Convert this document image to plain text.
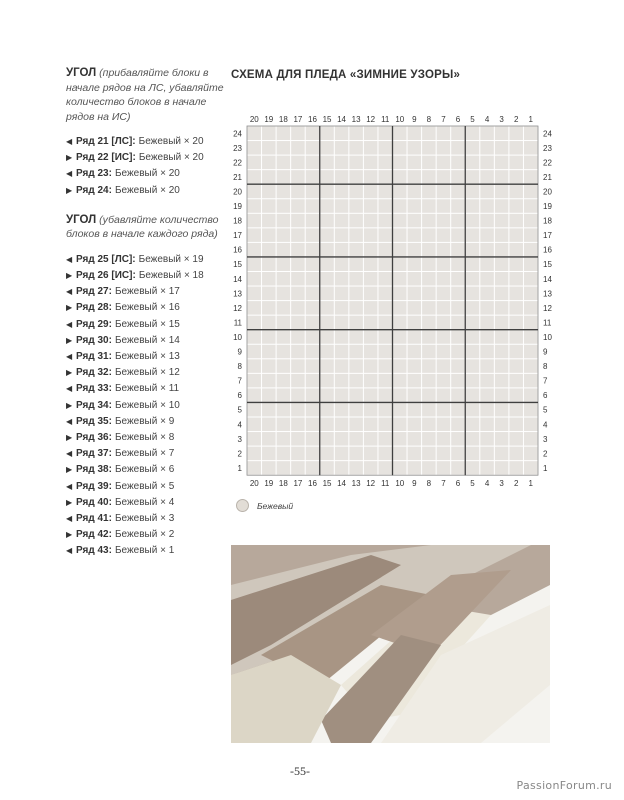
УГОЛ (прибавляйте блоки в начале рядов на ЛС, убавляйте количество блоков в начале рядов на ИС)
◀ Ряд 21 [ЛС]: Бежевый × 20
▶ Ряд 22 [ИС]: Бежевый × 20
◀ Ряд 23: Бежевый × 20
▶ Ряд 24: Бежевый × 20
УГОЛ (убавляйте количество блоков в начале каждого ряда)
◀ Ряд 25 [ЛС]: Бежевый × 19
▶ Ряд 26 [ИС]: Бежевый × 18
◀ Ряд 27: Бежевый × 17
▶ Ряд 28: Бежевый × 16
◀ Ряд 29: Бежевый × 15
▶ Ряд 30: Бежевый × 14
◀ Ряд 31: Бежевый × 13
▶ Ряд 32: Бежевый × 12
◀ Ряд 33: Бежевый × 11
▶ Ряд 34: Бежевый × 10
◀ Ряд 35: Бежевый × 9
▶ Ряд 36: Бежевый × 8
◀ Ряд 37: Бежевый × 7
▶ Ряд 38: Бежевый × 6
◀ Ряд 39: Бежевый × 5
▶ Ряд 40: Бежевый × 4
◀ Ряд 41: Бежевый × 3
▶ Ряд 42: Бежевый × 2
◀ Ряд 43: Бежевый × 1
СХЕМА ДЛЯ ПЛЕДА «ЗИМНИЕ УЗОРЫ»
20
20
19
19
18
18
17
17
16
16
15
15
14
14
13
13
12
12
11
11
10
10
9
9
8
8
7
7
6
6
5
5
4
4
3
3
2
2
1
1
24	24
23	23
22	22
21	21
20	20
19	19
18	18
17	17
16	16
15	15
14	14
13	13
12	12
11	11
10	10
9	9
8	8
7	7
6	6
5	5
4	4
3	3
2	2
1	1
Бежевый
-55-
PassionForum.ru
